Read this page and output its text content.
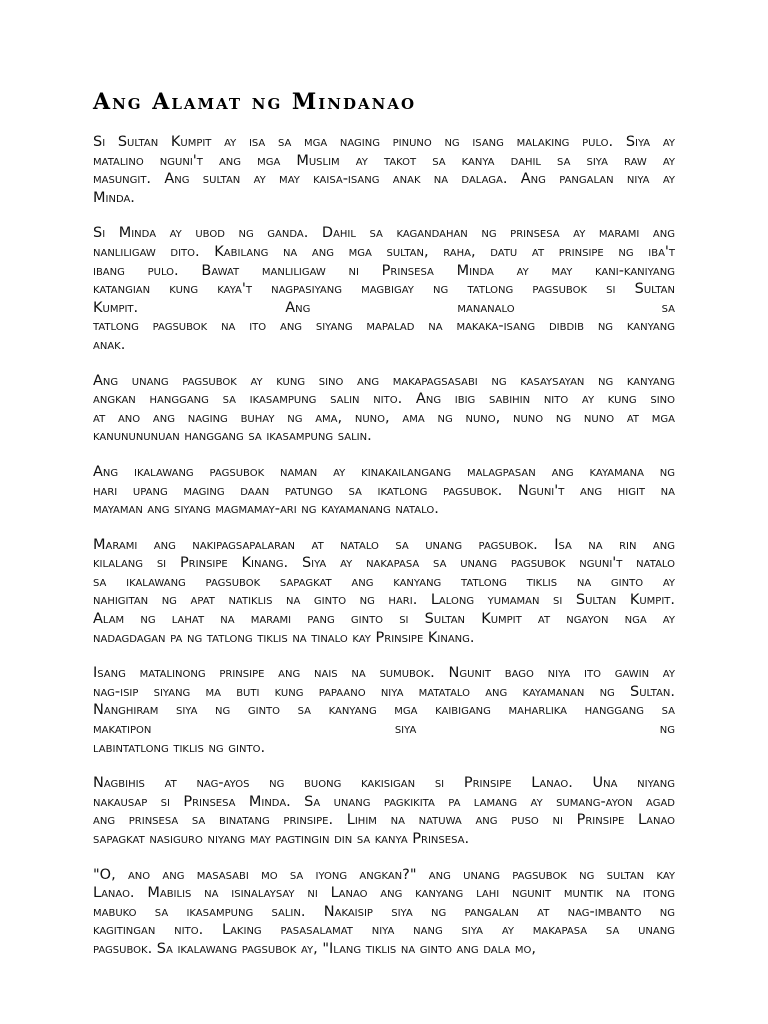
Ang Alamat ng Mindanao
Si Sultan Kumpit ay isa sa mga naging pinuno ng isang malaking pulo. Siya ay
matalino nguni't ang mga Muslim ay takot sa kanya dahil sa siya raw ay
masungit. Ang sultan ay may kaisa-isang anak na dalaga. Ang pangalan niya ay
Minda.
Si Minda ay ubod ng ganda. Dahil sa kagandahan ng prinsesa ay marami ang
nanliligaw dito. Kabilang na ang mga sultan, raha, datu at prinsipe ng iba't
ibang pulo. Bawat manliligaw ni Prinsesa Minda ay may kani-kaniyang
katangian kung kaya't nagpasiyang magbigay ng tatlong pagsubok si Sultan
Kumpit. Ang mananalo sa
tatlong pagsubok na ito ang siyang mapalad na makaka-isang dibdib ng kanyang
anak.
Ang unang pagsubok ay kung sino ang makapagsasabi ng kasaysayan ng kanyang
angkan hanggang sa ikasampung salin nito. Ang ibig sabihin nito ay kung sino
at ano ang naging buhay ng ama, nuno, ama ng nuno, nuno ng nuno at mga
kanunununuan hanggang sa ikasampung salin.
Ang ikalawang pagsubok naman ay kinakailangang malagpasan ang kayamana ng
hari upang maging daan patungo sa ikatlong pagsubok. Nguni't ang higit na
mayaman ang siyang magmamay-ari ng kayamanang natalo.
Marami ang nakipagsapalaran at natalo sa unang pagsubok. Isa na rin ang
kilalang si Prinsipe Kinang. Siya ay nakapasa sa unang pagsubok nguni't natalo
sa ikalawang pagsubok sapagkat ang kanyang tatlong tiklis na ginto ay
nahigitan ng apat natiklis na ginto ng hari. Lalong yumaman si Sultan Kumpit.
Alam ng lahat na marami pang ginto si Sultan Kumpit at ngayon nga ay
nadagdagan pa ng tatlong tiklis na tinalo kay Prinsipe Kinang.
Isang matalinong prinsipe ang nais na sumubok. Ngunit bago niya ito gawin ay
nag-isip siyang ma buti kung papaano niya matatalo ang kayamanan ng Sultan.
Nanghiram siya ng ginto sa kanyang mga kaibigang maharlika hanggang sa
makatipon siya ng
labintatlong tiklis ng ginto.
Nagbihis at nag-ayos ng buong kakisigan si Prinsipe Lanao. Una niyang
nakausap si Prinsesa Minda. Sa unang pagkikita pa lamang ay sumang-ayon agad
ang prinsesa sa binatang prinsipe. Lihim na natuwa ang puso ni Prinsipe Lanao
sapagkat nasiguro niyang may pagtingin din sa kanya Prinsesa.
"O, ano ang masasabi mo sa iyong angkan?" ang unang pagsubok ng sultan kay
Lanao. Mabilis na isinalaysay ni Lanao ang kanyang lahi ngunit muntik na itong
mabuko sa ikasampung salin. Nakaisip siya ng pangalan at nag-imbanto ng
kagitingan nito. Laking pasasalamat niya nang siya ay makapasa sa unang
pagsubok. Sa ikalawang pagsubok ay, "Ilang tiklis na ginto ang dala mo,
